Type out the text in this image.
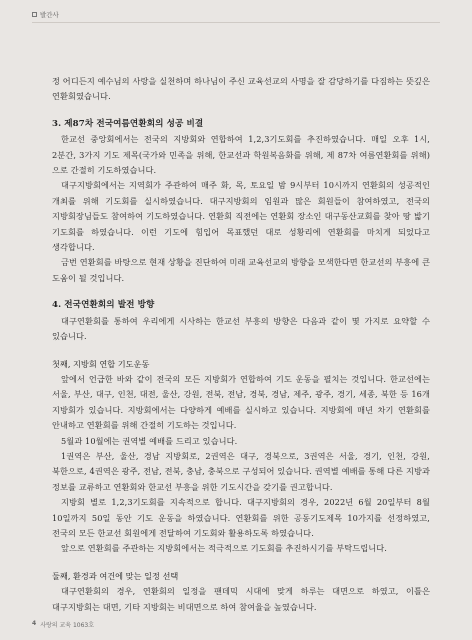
발간사

정 어디든지 예수님의 사랑을 실천하며 하나님이 주신 교육선교의 사명을 잘 감당하기를 다짐하는 뜻깊은 연환회였습니다.

3. 제87차 전국여름연환회의 성공 비결

한교선 중앙회에서는 전국의 지방회와 연합하여 1,2,3기도회를 추진하였습니다. 매일 오후 1시, 2분간, 3가지 기도 제목(국가와 민족을 위해, 한교선과 학원복음화를 위해, 제 87차 여름연환회를 위해)으로 간절히 기도하였습니다.

대구지방회에서는 지역회가 주관하여 매주 화, 목, 토요일 밤 9시부터 10시까지 연환회의 성공적인 개최를 위해 기도회를 실시하였습니다. 대구지방회의 임원과 많은 회원들이 참여하였고, 전국의 지방회장님들도 참여하여 기도하였습니다. 연환회 직전에는 연환회 장소인 대구동산교회를 찾아 땅 밟기 기도회를 하였습니다. 이런 기도에 힘입어 목표했던 대로 성황리에 연환회를 마치게 되었다고 생각합니다.

금번 연환회를 바탕으로 현재 상황을 진단하여 미래 교육선교의 방향을 모색한다면 한교선의 부흥에 큰 도움이 될 것입니다.

4. 전국연환회의 발전 방향

대구연환회를 통하여 우리에게 시사하는 한교선 부흥의 방향은 다음과 같이 몇 가지로 요약할 수 있습니다.

첫째, 지방회 연합 기도운동

앞에서 언급한 바와 같이 전국의 모든 지방회가 연합하여 기도 운동을 펼치는 것입니다. 한교선에는 서울, 부산, 대구, 인천, 대전, 울산, 강원, 전북, 전남, 경북, 경남, 제주, 광주, 경기, 세종, 북한 등 16개 지방회가 있습니다. 지방회에서는 다양하게 예배를 실시하고 있습니다. 지방회에 매년 차기 연환회를 안내하고 연환회를 위해 간절히 기도하는 것입니다.

5월과 10월에는 권역별 예배를 드리고 있습니다.

1권역은 부산, 울산, 경남 지방회로, 2권역은 대구, 경북으로, 3권역은 서울, 경기, 인천, 강원, 북한으로, 4권역은 광주, 전남, 전북, 충남, 충북으로 구성되어 있습니다. 권역별 예배를 통해 다른 지방과 정보를 교류하고 연환회와 한교선 부흥을 위한 기도시간을 갖기를 권고합니다.

지방회 별로 1,2,3기도회를 지속적으로 합니다. 대구지방회의 경우, 2022년 6월 20일부터 8월 10일까지 50일 동안 기도 운동을 하였습니다. 연환회를 위한 공동기도제목 10가지를 선정하였고, 전국의 모든 한교선 회원에게 전달하여 기도회와 활용하도록 하였습니다.

앞으로 연환회를 주관하는 지방회에서는 적극적으로 기도회를 추진하시기를 부탁드립니다.

둘째, 환경과 여건에 맞는 일정 선택

대구연환회의 경우, 연환회의 일정을 팬데믹 시대에 맞게 하루는 대면으로 하였고, 이틀은 대구지방회는 대면, 기타 지방회는 비대면으로 하여 참여율을 높였습니다.

4 사랑의 교육 1063호
